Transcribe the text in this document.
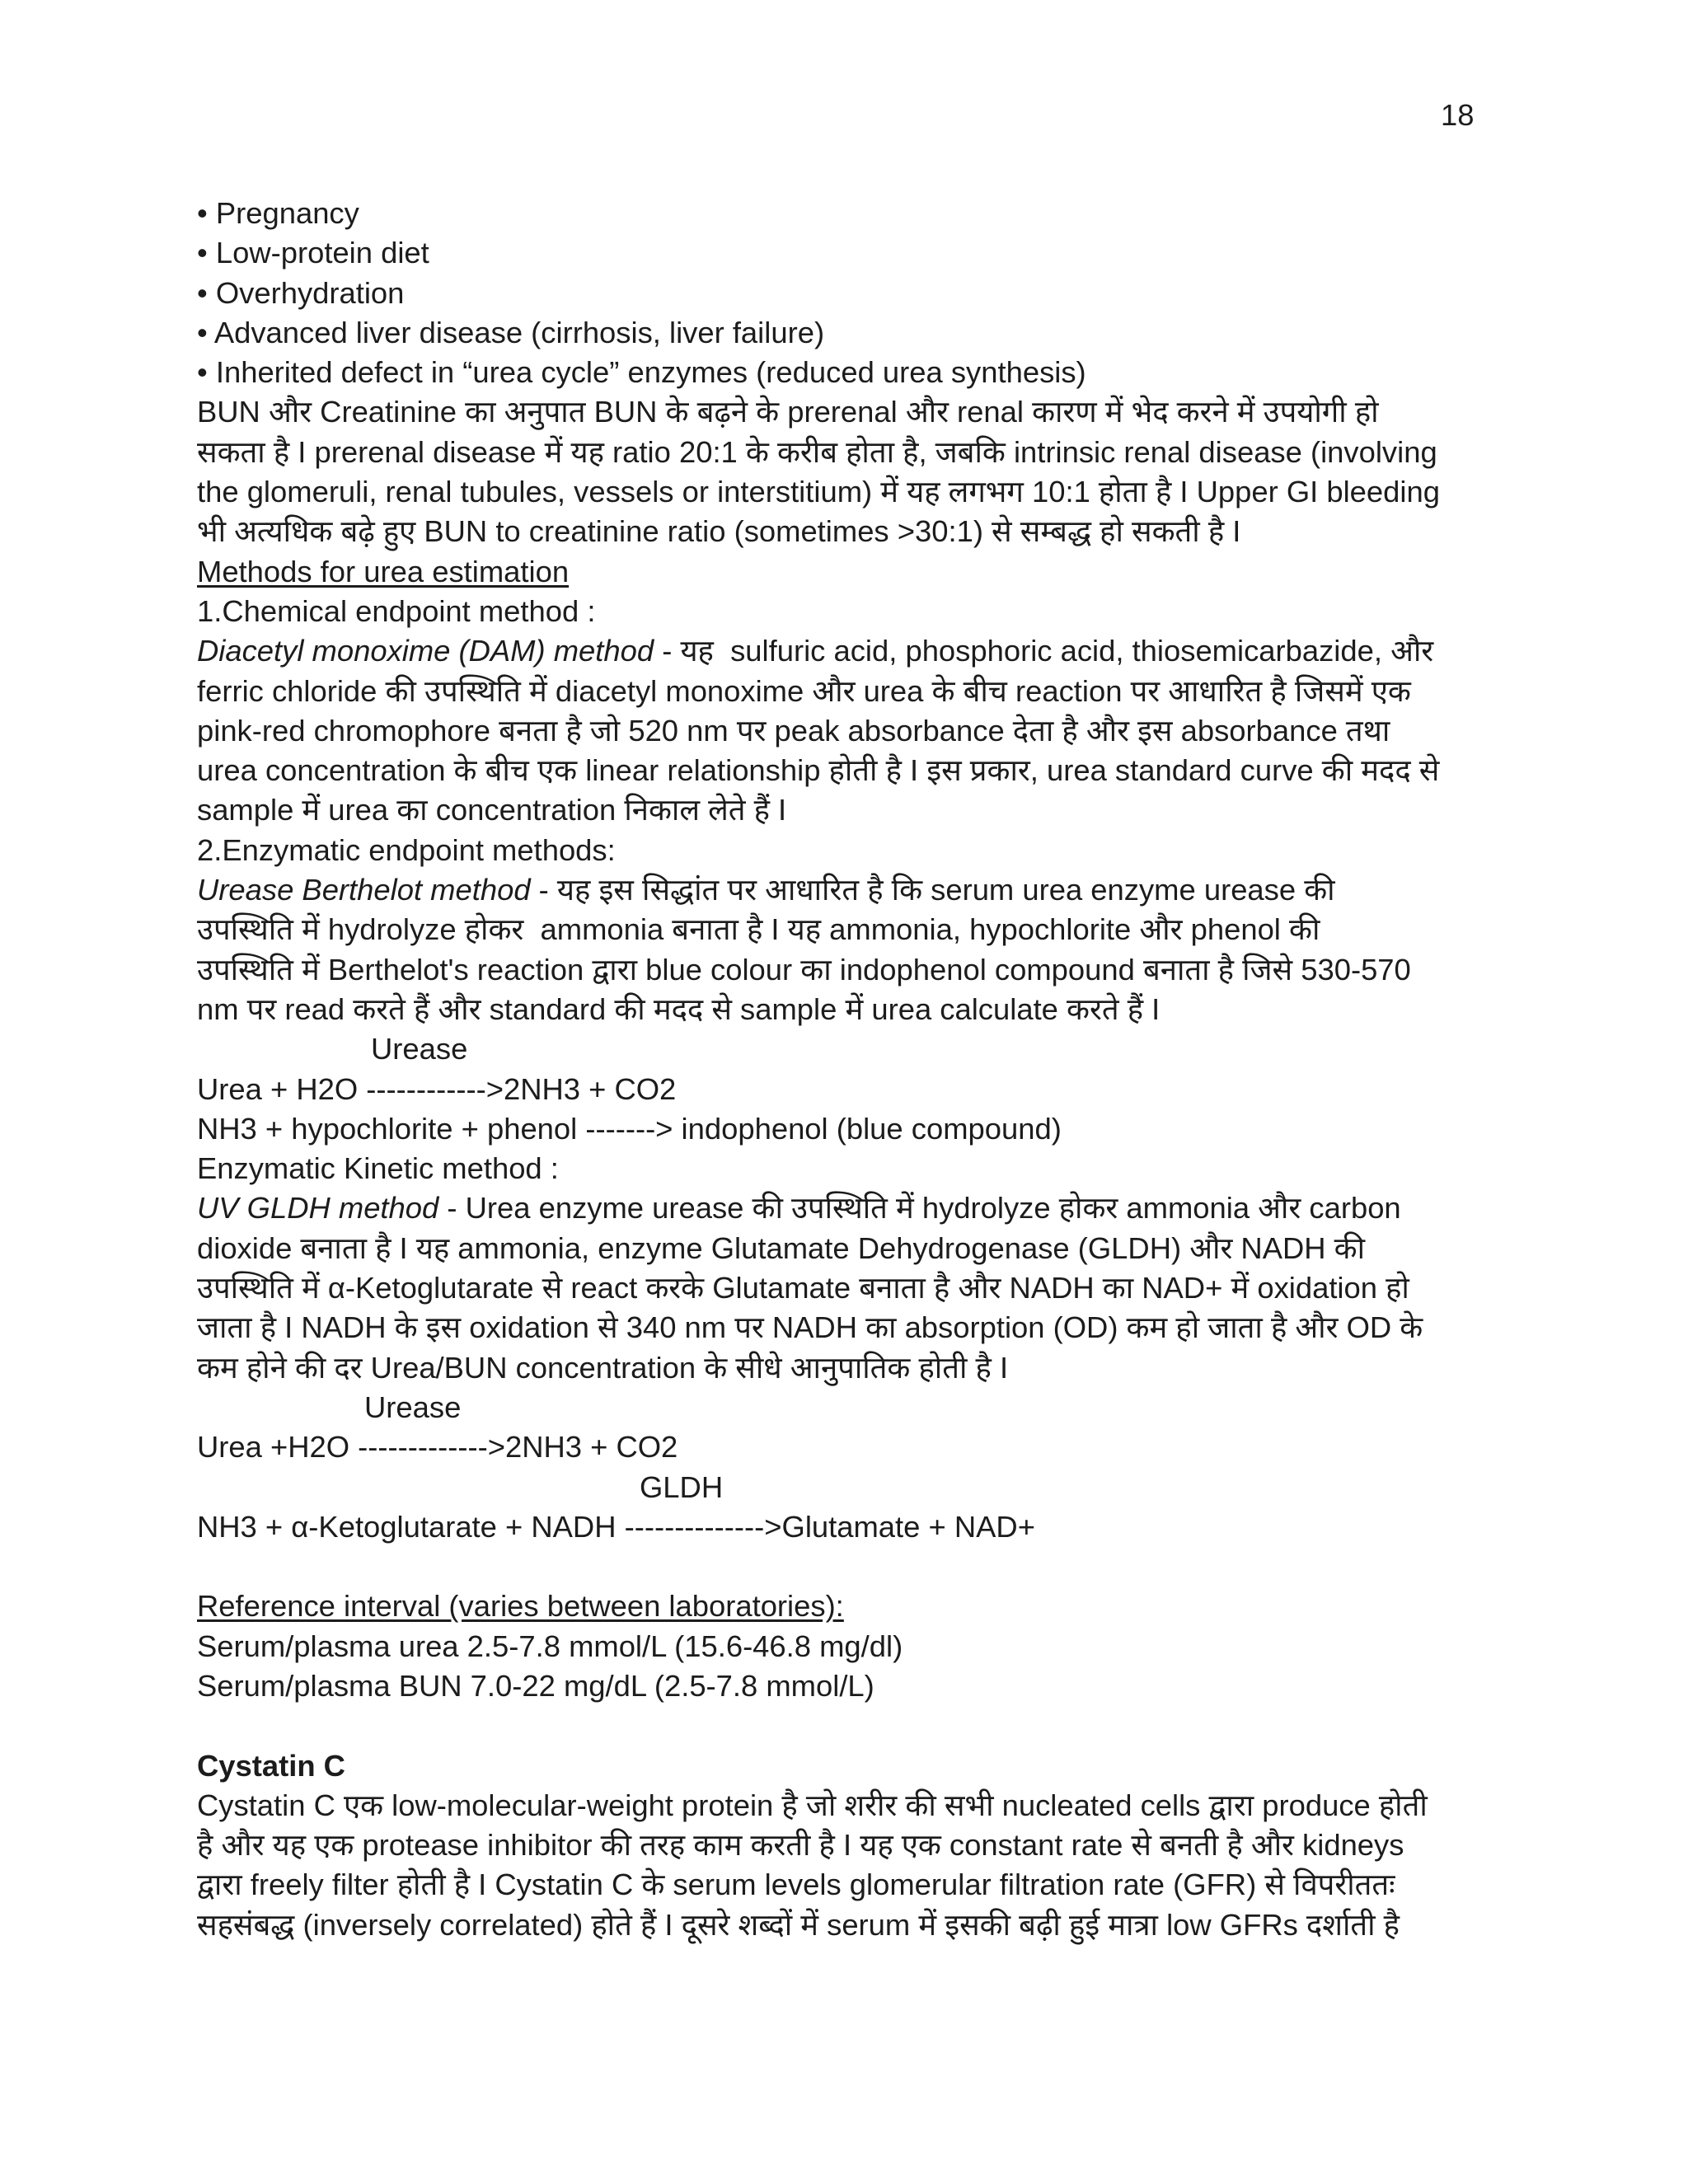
18
• Pregnancy
• Low-protein diet
• Overhydration
• Advanced liver disease (cirrhosis, liver failure)
• Inherited defect in “urea cycle” enzymes (reduced urea synthesis)
BUN और Creatinine का अनुपात BUN के बढ़ने के prerenal और renal कारण में भेद करने में उपयोगी हो
सकता है I prerenal disease में यह ratio 20:1 के करीब होता है, जबकि intrinsic renal disease (involving
the glomeruli, renal tubules, vessels or interstitium) में यह लगभग 10:1 होता है I Upper GI bleeding
भी अत्यधिक बढ़े हुए BUN to creatinine ratio (sometimes >30:1) से सम्बद्ध हो सकती है I
Methods for urea estimation
1.Chemical endpoint method :
Diacetyl monoxime (DAM) method - यह  sulfuric acid, phosphoric acid, thiosemicarbazide, और
ferric chloride की उपस्थिति में diacetyl monoxime और urea के बीच reaction पर आधारित है जिसमें एक
pink-red chromophore बनता है जो 520 nm पर peak absorbance देता है और इस absorbance तथा
urea concentration के बीच एक linear relationship होती है I इस प्रकार, urea standard curve की मदद से
sample में urea का concentration निकाल लेते हैं I
2.Enzymatic endpoint methods:
Urease Berthelot method - यह इस सिद्धांत पर आधारित है कि serum urea enzyme urease की
उपस्थिति में hydrolyze होकर  ammonia बनाता है I यह ammonia, hypochlorite और phenol की
उपस्थिति में Berthelot's reaction द्वारा blue colour का indophenol compound बनाता है जिसे 530-570
nm पर read करते हैं और standard की मदद से sample में urea calculate करते हैं I
Urease
Urea + H2O ------------>2NH3 + CO2
NH3 + hypochlorite + phenol -------> indophenol (blue compound)
Enzymatic Kinetic method :
UV GLDH method - Urea enzyme urease की उपस्थिति में hydrolyze होकर ammonia और carbon
dioxide बनाता है I यह ammonia, enzyme Glutamate Dehydrogenase (GLDH) और NADH की
उपस्थिति में α-Ketoglutarate से react करके Glutamate बनाता है और NADH का NAD+ में oxidation हो
जाता है I NADH के इस oxidation से 340 nm पर NADH का absorption (OD) कम हो जाता है और OD के
कम होने की दर Urea/BUN concentration के सीधे आनुपातिक होती है I
Urease
Urea +H2O ------------->2NH3 + CO2
GLDH
NH3 + α-Ketoglutarate + NADH -------------->Glutamate + NAD+
Reference interval (varies between laboratories):
Serum/plasma urea 2.5-7.8 mmol/L (15.6-46.8 mg/dl)
Serum/plasma BUN 7.0-22 mg/dL (2.5-7.8 mmol/L)
Cystatin C
Cystatin C एक low-molecular-weight protein है जो शरीर की सभी nucleated cells द्वारा produce होती
है और यह एक protease inhibitor की तरह काम करती है I यह एक constant rate से बनती है और kidneys
द्वारा freely filter होती है I Cystatin C के serum levels glomerular filtration rate (GFR) से विपरीततः
सहसंबद्ध (inversely correlated) होते हैं I दूसरे शब्दों में serum में इसकी बढ़ी हुई मात्रा low GFRs दर्शाती है
